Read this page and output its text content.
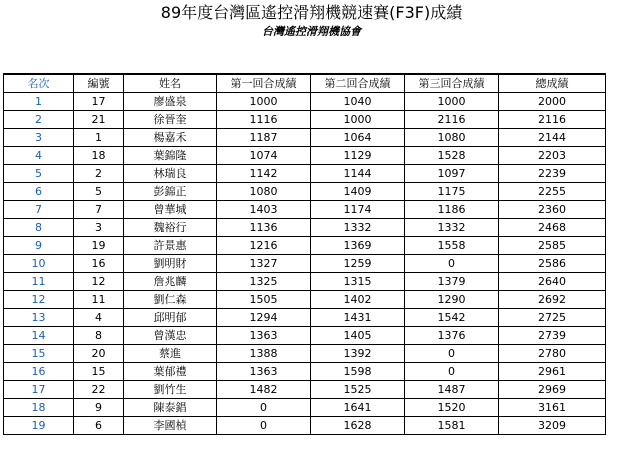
89年度台灣區遙控滑翔機競速賽(F3F)成績
台灣遙控滑翔機協會
名次	編號	姓名	第一回合成績	第二回合成績	第三回合成績	總成績
1	17	廖盛泉	1000	1040	1000	2000
2	21	徐晉奎	1116	1000	2116	2116
3	1	楊嘉禾	1187	1064	1080	2144
4	18	葉錦隆	1074	1129	1528	2203
5	2	林瑞良	1142	1144	1097	2239
6	5	彭錦正	1080	1409	1175	2255
7	7	曾華城	1403	1174	1186	2360
8	3	魏裕行	1136	1332	1332	2468
9	19	許景惠	1216	1369	1558	2585
10	16	劉明財	1327	1259	0	2586
11	12	詹兆麟	1325	1315	1379	2640
12	11	劉仁森	1505	1402	1290	2692
13	4	邱明郁	1294	1431	1542	2725
14	8	曾漢忠	1363	1405	1376	2739
15	20	蔡進	1388	1392	0	2780
16	15	葉郁禮	1363	1598	0	2961
17	22	劉竹生	1482	1525	1487	2969
18	9	陳泰錩	0	1641	1520	3161
19	6	李國楨	0	1628	1581	3209
